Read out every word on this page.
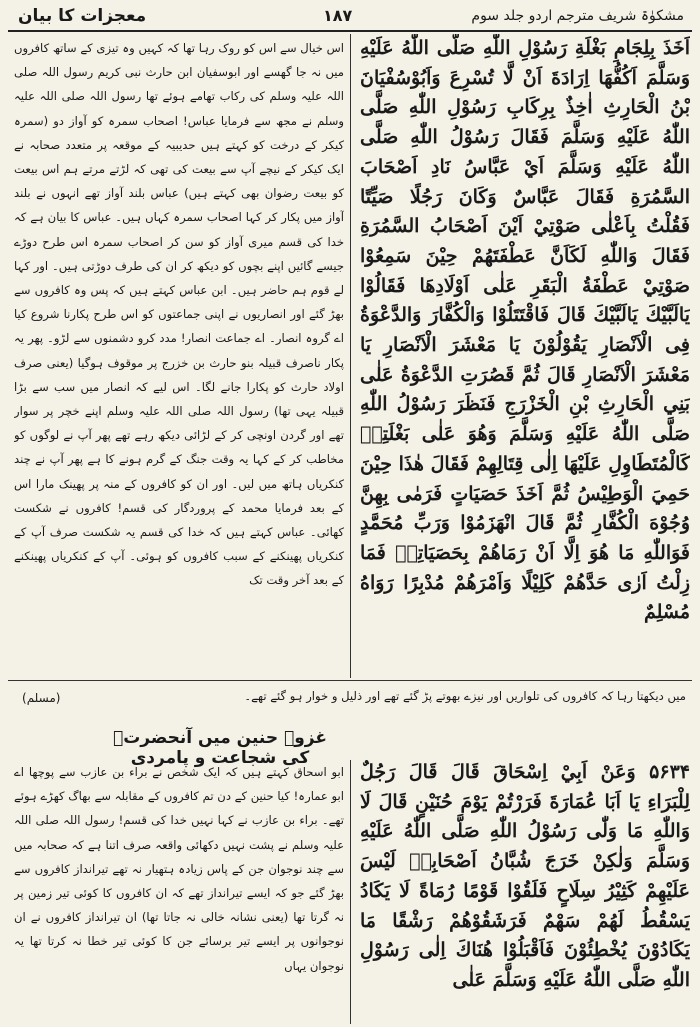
معجزات کا بیان	۱۸۷	مشکوٰۃ شریف مترجم اردو جلد سوم

اَخَذَ بِلِجَامِ بَغْلَةِ رَسُوْلِ اللّٰهِ صَلَّى اللّٰهُ عَلَيْهِ وَسَلَّمَ اَكُفُّهَا اِرَادَةَ اَنْ لَّا تُسْرِعَ وَاَبُوْسُفْيَانَ بْنُ الْحَارِثِ اٰخِذٌ بِرِكَابِ رَسُوْلِ اللّٰهِ صَلَّى اللّٰهُ عَلَيْهِ وَسَلَّمَ فَقَالَ رَسُوْلُ اللّٰهِ صَلَّى اللّٰهُ عَلَيْهِ وَسَلَّمَ اَيْ عَبَّاسُ نَادِ اَصْحَابَ السَّمُرَةِ فَقَالَ عَبَّاسٌ وَكَانَ رَجُلًا صَيِّتًا فَقُلْتُ بِاَعْلٰى صَوْتِيْ اَيْنَ اَصْحَابُ السَّمُرَةِ فَقَالَ وَاللّٰهِ لَكَاَنَّ عَطْفَتَهُمْ حِيْنَ سَمِعُوْا صَوْتِيْ عَطْفَةُ الْبَقَرِ عَلٰى اَوْلَادِهَا فَقَالُوْا يَالَبَّيْكَ يَالَبَّيْكَ قَالَ فَاقْتَتَلُوْا وَالْكُفَّارَ وَالدَّعْوَةُ فِى الْاَنْصَارِ يَقُوْلُوْنَ يَا مَعْشَرَ الْاَنْصَارِ يَا مَعْشَرَ الْاَنْصَارِ قَالَ ثُمَّ قَصُرَتِ الدَّعْوَةُ عَلٰى بَنِي الْحَارِثِ بْنِ الْخَزْرَجِ فَنَظَرَ رَسُوْلُ اللّٰهِ صَلَّى اللّٰهُ عَلَيْهِ وَسَلَّمَ وَهُوَ عَلٰى بَغْلَتِهٖ كَالْمُتَطَاوِلِ عَلَيْهَا اِلٰى قِتَالِهِمْ فَقَالَ هٰذَا حِيْنَ حَمِيَ الْوَطِيْسُ ثُمَّ اَخَذَ حَصَيَاتٍ فَرَمٰى بِهِنَّ وُجُوْهَ الْكُفَّارِ ثُمَّ قَالَ انْهَزَمُوْا وَرَبِّ مُحَمَّدٍ فَوَاللّٰهِ مَا هُوَ اِلَّا اَنْ رَمَاهُمْ بِحَصَيَاتِهٖ فَمَا زِلْتُ اَرٰى حَدَّهُمْ كَلِيْلًا وَاَمْرَهُمْ مُدْبِرًا رَوَاهُ مُسْلِمٌ

اس خیال سے اس کو روک رہا تھا کہ کہیں وہ تیزی کے ساتھ کافروں میں نہ جا گھسے اور ابوسفیان ابن حارث نبی کریم رسول اللہ صلی اللہ علیہ وسلم کی رکاب تھامے ہوئے تھا رسول اللہ صلی اللہ علیہ وسلم نے مجھ سے فرمایا عباس! اصحاب سمرہ کو آواز دو (سمرہ کیکر کے درخت کو کہتے ہیں حدیبیہ کے موقعہ پر متعدد صحابہ نے ایک کیکر کے نیچے آپ سے بیعت کی تھی کہ لڑتے مرتے ہم اس بیعت کو بیعت رضوان بھی کہتے ہیں) عباس بلند آواز تھے انہوں نے بلند آواز میں پکار کر کہا اصحاب سمرہ کہاں ہیں۔ عباس کا بیان ہے کہ خدا کی قسم میری آواز کو سن کر اصحاب سمرہ اس طرح دوڑے جیسے گائیں اپنے بچوں کو دیکھ کر ان کی طرف دوڑتی ہیں۔ اور کہا لے قوم ہم حاضر ہیں۔ ابن عباس کہتے ہیں کہ پس وہ کافروں سے بھڑ گئے اور انصاریوں نے اپنی جماعتوں کو اس طرح پکارنا شروع کیا اے گروہ انصار۔ اے جماعت انصار! مدد کرو دشمنوں سے لڑو۔ پھر یہ پکار ناصرف قبیلہ بنو حارث بن خزرج پر موقوف ہوگیا (یعنی صرف اولاد حارث کو پکارا جانے لگا۔ اس لیے کہ انصار میں سب سے بڑا قبیلہ یہی تھا) رسول اللہ صلی اللہ علیہ وسلم اپنے خچر پر سوار تھے اور گردن اونچی کر کے لڑائی دیکھ رہے تھے پھر آپ نے لوگوں کو مخاطب کر کے کہا یہ وقت جنگ کے گرم ہونے کا ہے پھر آپ نے چند کنکریاں ہاتھ میں لیں۔ اور ان کو کافروں کے منہ پر پھینک مارا اس کے بعد فرمایا محمد کے پروردگار کی قسم! کافروں نے شکست کھائی۔ عباس کہتے ہیں کہ خدا کی قسم یہ شکست صرف آپ کے کنکریاں پھینکنے کے سبب کافروں کو ہوئی۔ آپ کے کنکریاں پھینکنے کے بعد آخر وقت تک

میں دیکھتا رہا کہ کافروں کی تلواریں اور نیزے بھوتے پڑ گئے تھے اور ذلیل و خوار ہو گئے تھے۔
(مسلم)
غزوہ حنین میں آنحضرتؐ کی شجاعت و پامردی

۵۶۳۴ وَعَنْ اَبِيْ اِسْحَاقَ قَالَ قَالَ رَجُلٌ لِلْبَرَاءِ يَا اَبَا عُمَارَةَ فَرَرْتُمْ يَوْمَ حُنَيْنٍ قَالَ لَا وَاللّٰهِ مَا وَلّٰى رَسُوْلُ اللّٰهِ صَلَّى اللّٰهُ عَلَيْهِ وَسَلَّمَ وَلٰكِنْ خَرَجَ شُبَّانُ اَصْحَابِهٖ لَيْسَ عَلَيْهِمْ كَثِيْرُ سِلَاحٍ فَلَقُوْا قَوْمًا رُمَاةً لَا يَكَادُ يَسْقُطُ لَهُمْ سَهْمٌ فَرَشَقُوْهُمْ رَشْقًا مَا يَكَادُوْنَ يُخْطِئُوْنَ فَاَقْبَلُوْا هُنَاكَ اِلٰى رَسُوْلِ اللّٰهِ صَلَّى اللّٰهُ عَلَيْهِ وَسَلَّمَ عَلٰى

ابو اسحاق کہتے ہیں کہ ایک شخص نے براء بن عازب سے پوچھا اے ابو عمارہ! کیا حنین کے دن تم کافروں کے مقابلہ سے بھاگ کھڑے ہوئے تھے۔ براء بن عازب نے کہا نہیں خدا کی قسم! رسول اللہ صلی اللہ علیہ وسلم نے پشت نہیں دکھائی واقعہ صرف اتنا ہے کہ صحابہ میں سے چند نوجوان جن کے پاس زیادہ ہتھیار نہ تھے تیرانداز کافروں سے بھڑ گئے جو کہ ایسے تیرانداز تھے کہ ان کافروں کا کوئی تیر زمین پر نہ گرتا تھا (یعنی نشانہ خالی نہ جاتا تھا) ان تیرانداز کافروں نے ان نوجوانوں پر ایسے تیر برسائے جن کا کوئی تیر خطا نہ کرتا تھا یہ نوجوان یہاں
